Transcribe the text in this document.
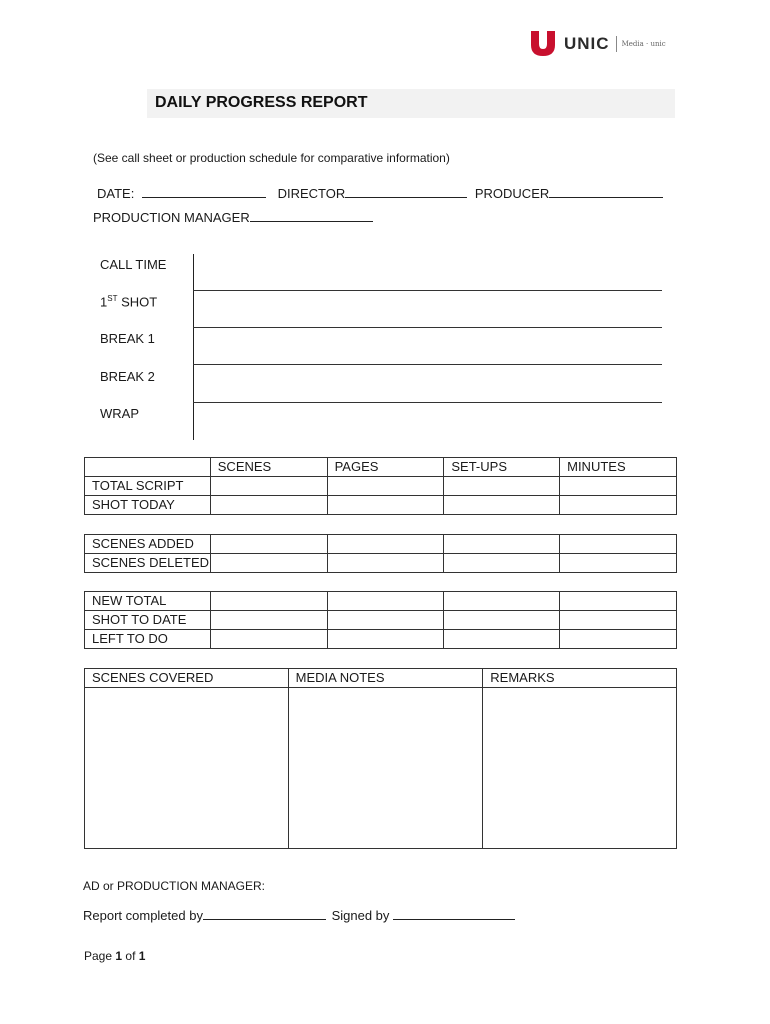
UNIC Media · unic
DAILY PROGRESS REPORT
(See call sheet or production schedule for comparative information)
DATE:	DIRECTOR	PRODUCER
PRODUCTION MANAGER
CALL TIME
1ST SHOT
BREAK 1
BREAK 2
WRAP
	SCENES	PAGES	SET-UPS	MINUTES
TOTAL SCRIPT				
SHOT TODAY				
SCENES ADDED				
SCENES DELETED				
NEW TOTAL				
SHOT TO DATE				
LEFT TO DO				
SCENES COVERED	MEDIA NOTES	REMARKS

AD or PRODUCTION MANAGER:
Report completed by	Signed by
Page 1 of 1
